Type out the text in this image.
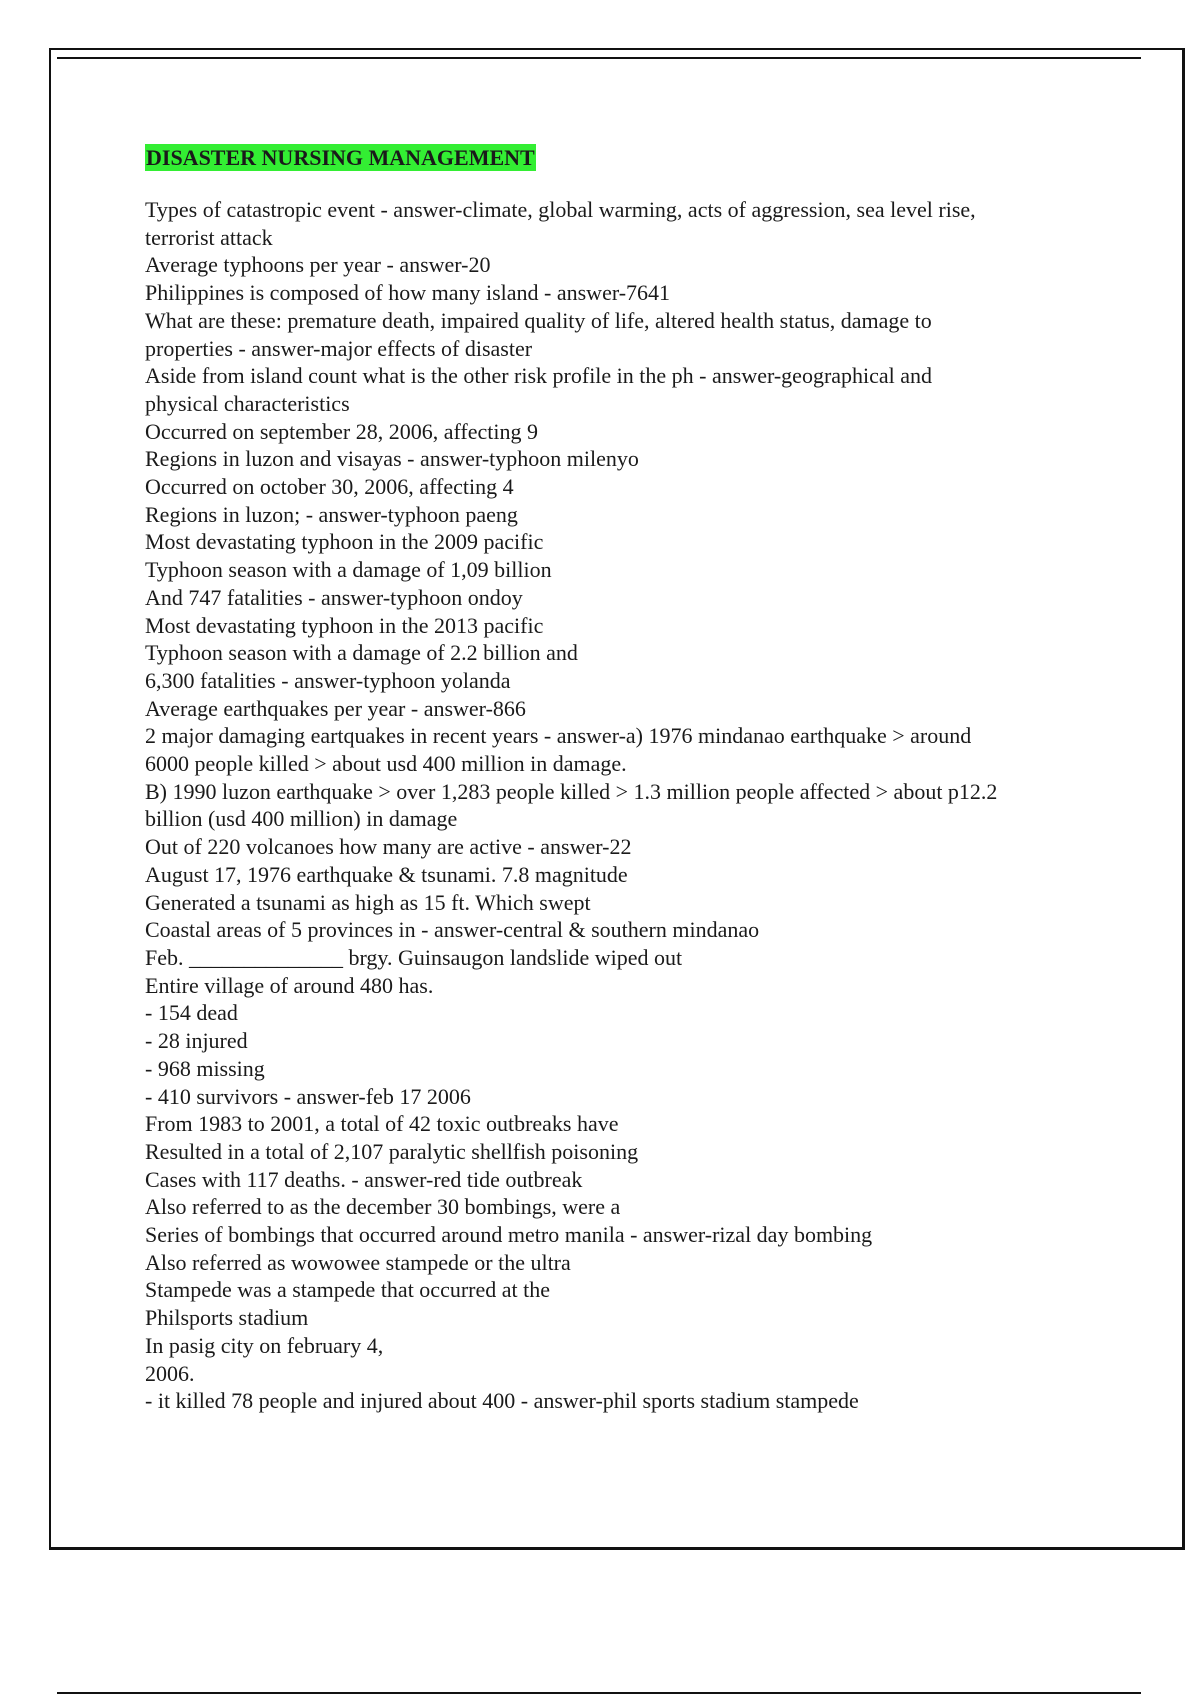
DISASTER NURSING MANAGEMENT
Types of catastropic event - answer-climate, global warming, acts of aggression, sea level rise,
terrorist attack
Average typhoons per year - answer-20
Philippines is composed of how many island - answer-7641
What are these: premature death, impaired quality of life, altered health status, damage to
properties - answer-major effects of disaster
Aside from island count what is the other risk profile in the ph - answer-geographical and
physical characteristics
Occurred on september 28, 2006, affecting 9
Regions in luzon and visayas - answer-typhoon milenyo
Occurred on october 30, 2006, affecting 4
Regions in luzon; - answer-typhoon paeng
Most devastating typhoon in the 2009 pacific
Typhoon season with a damage of 1,09 billion
And 747 fatalities - answer-typhoon ondoy
Most devastating typhoon in the 2013 pacific
Typhoon season with a damage of 2.2 billion and
6,300 fatalities - answer-typhoon yolanda
Average earthquakes per year - answer-866
2 major damaging eartquakes in recent years - answer-a) 1976 mindanao earthquake > around
6000 people killed > about usd 400 million in damage.
B) 1990 luzon earthquake > over 1,283 people killed > 1.3 million people affected > about p12.2
billion (usd 400 million) in damage
Out of 220 volcanoes how many are active - answer-22
August 17, 1976 earthquake & tsunami. 7.8 magnitude
Generated a tsunami as high as 15 ft. Which swept
Coastal areas of 5 provinces in - answer-central & southern mindanao
Feb. ______________ brgy. Guinsaugon landslide wiped out
Entire village of around 480 has.
- 154 dead
- 28 injured
- 968 missing
- 410 survivors - answer-feb 17 2006
From 1983 to 2001, a total of 42 toxic outbreaks have
Resulted in a total of 2,107 paralytic shellfish poisoning
Cases with 117 deaths. - answer-red tide outbreak
Also referred to as the december 30 bombings, were a
Series of bombings that occurred around metro manila - answer-rizal day bombing
Also referred as wowowee stampede or the ultra
Stampede was a stampede that occurred at the
Philsports stadium
In pasig city on february 4,
2006.
- it killed 78 people and injured about 400 - answer-phil sports stadium stampede
